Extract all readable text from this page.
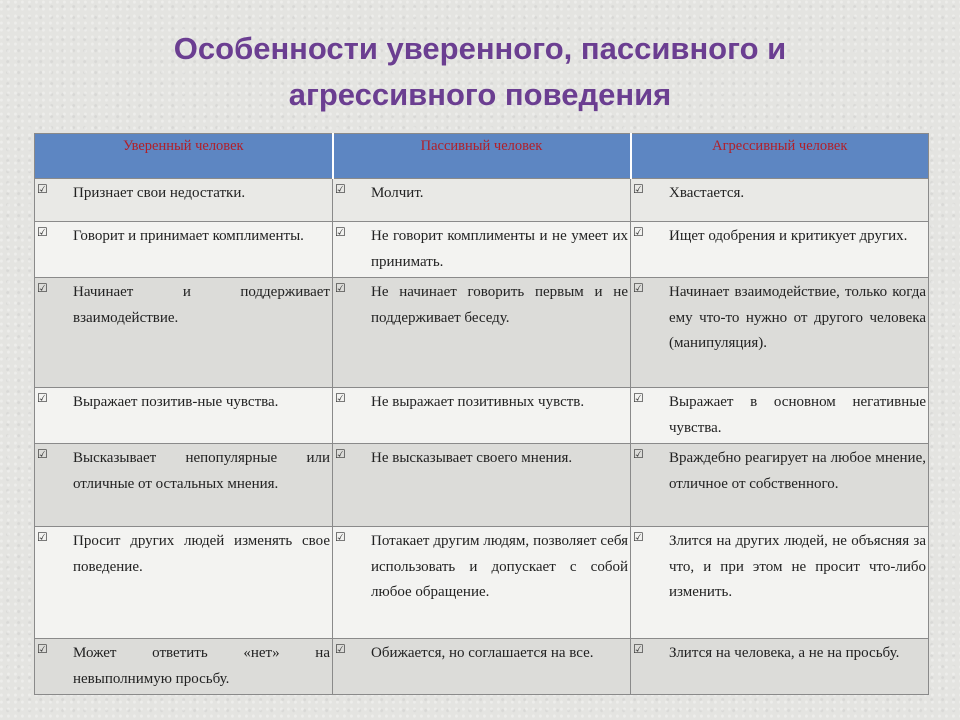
Особенности уверенного, пассивного и
агрессивного поведения
Уверенный человек	Пассивный человек	Агрессивный человек

☑ Признает свои недостатки.	☑ Молчит.	☑ Хвастается.

☑ Говорит и принимает комплименты.	☑ Не говорит комплименты и не умеет их принимать.	☑ Ищет одобрения и критикует других.

☑ Начинает и поддерживает взаимодействие.	☑ Не начинает говорить первым и не поддерживает беседу.	☑ Начинает взаимодействие, только когда ему что-то нужно от другого человека (манипуляция).

☑ Выражает позитив-ные чувства.	☑ Не выражает позитивных чувств.	☑ Выражает в основном негативные чувства.

☑ Высказывает непопулярные или отличные от остальных мнения.	☑ Не высказывает своего мнения.	☑ Враждебно реагирует на любое мнение, отличное от собственного.

☑ Просит других людей изменять свое поведение.	☑ Потакает другим людям, позволяет себя использовать и допускает с собой любое обращение.	☑ Злится на других людей, не объясняя за что, и при этом не просит что-либо изменить.

☑ Может ответить «нет» на невыполнимую просьбу.	☑ Обижается, но соглашается на все.	☑ Злится на человека, а не на просьбу.
